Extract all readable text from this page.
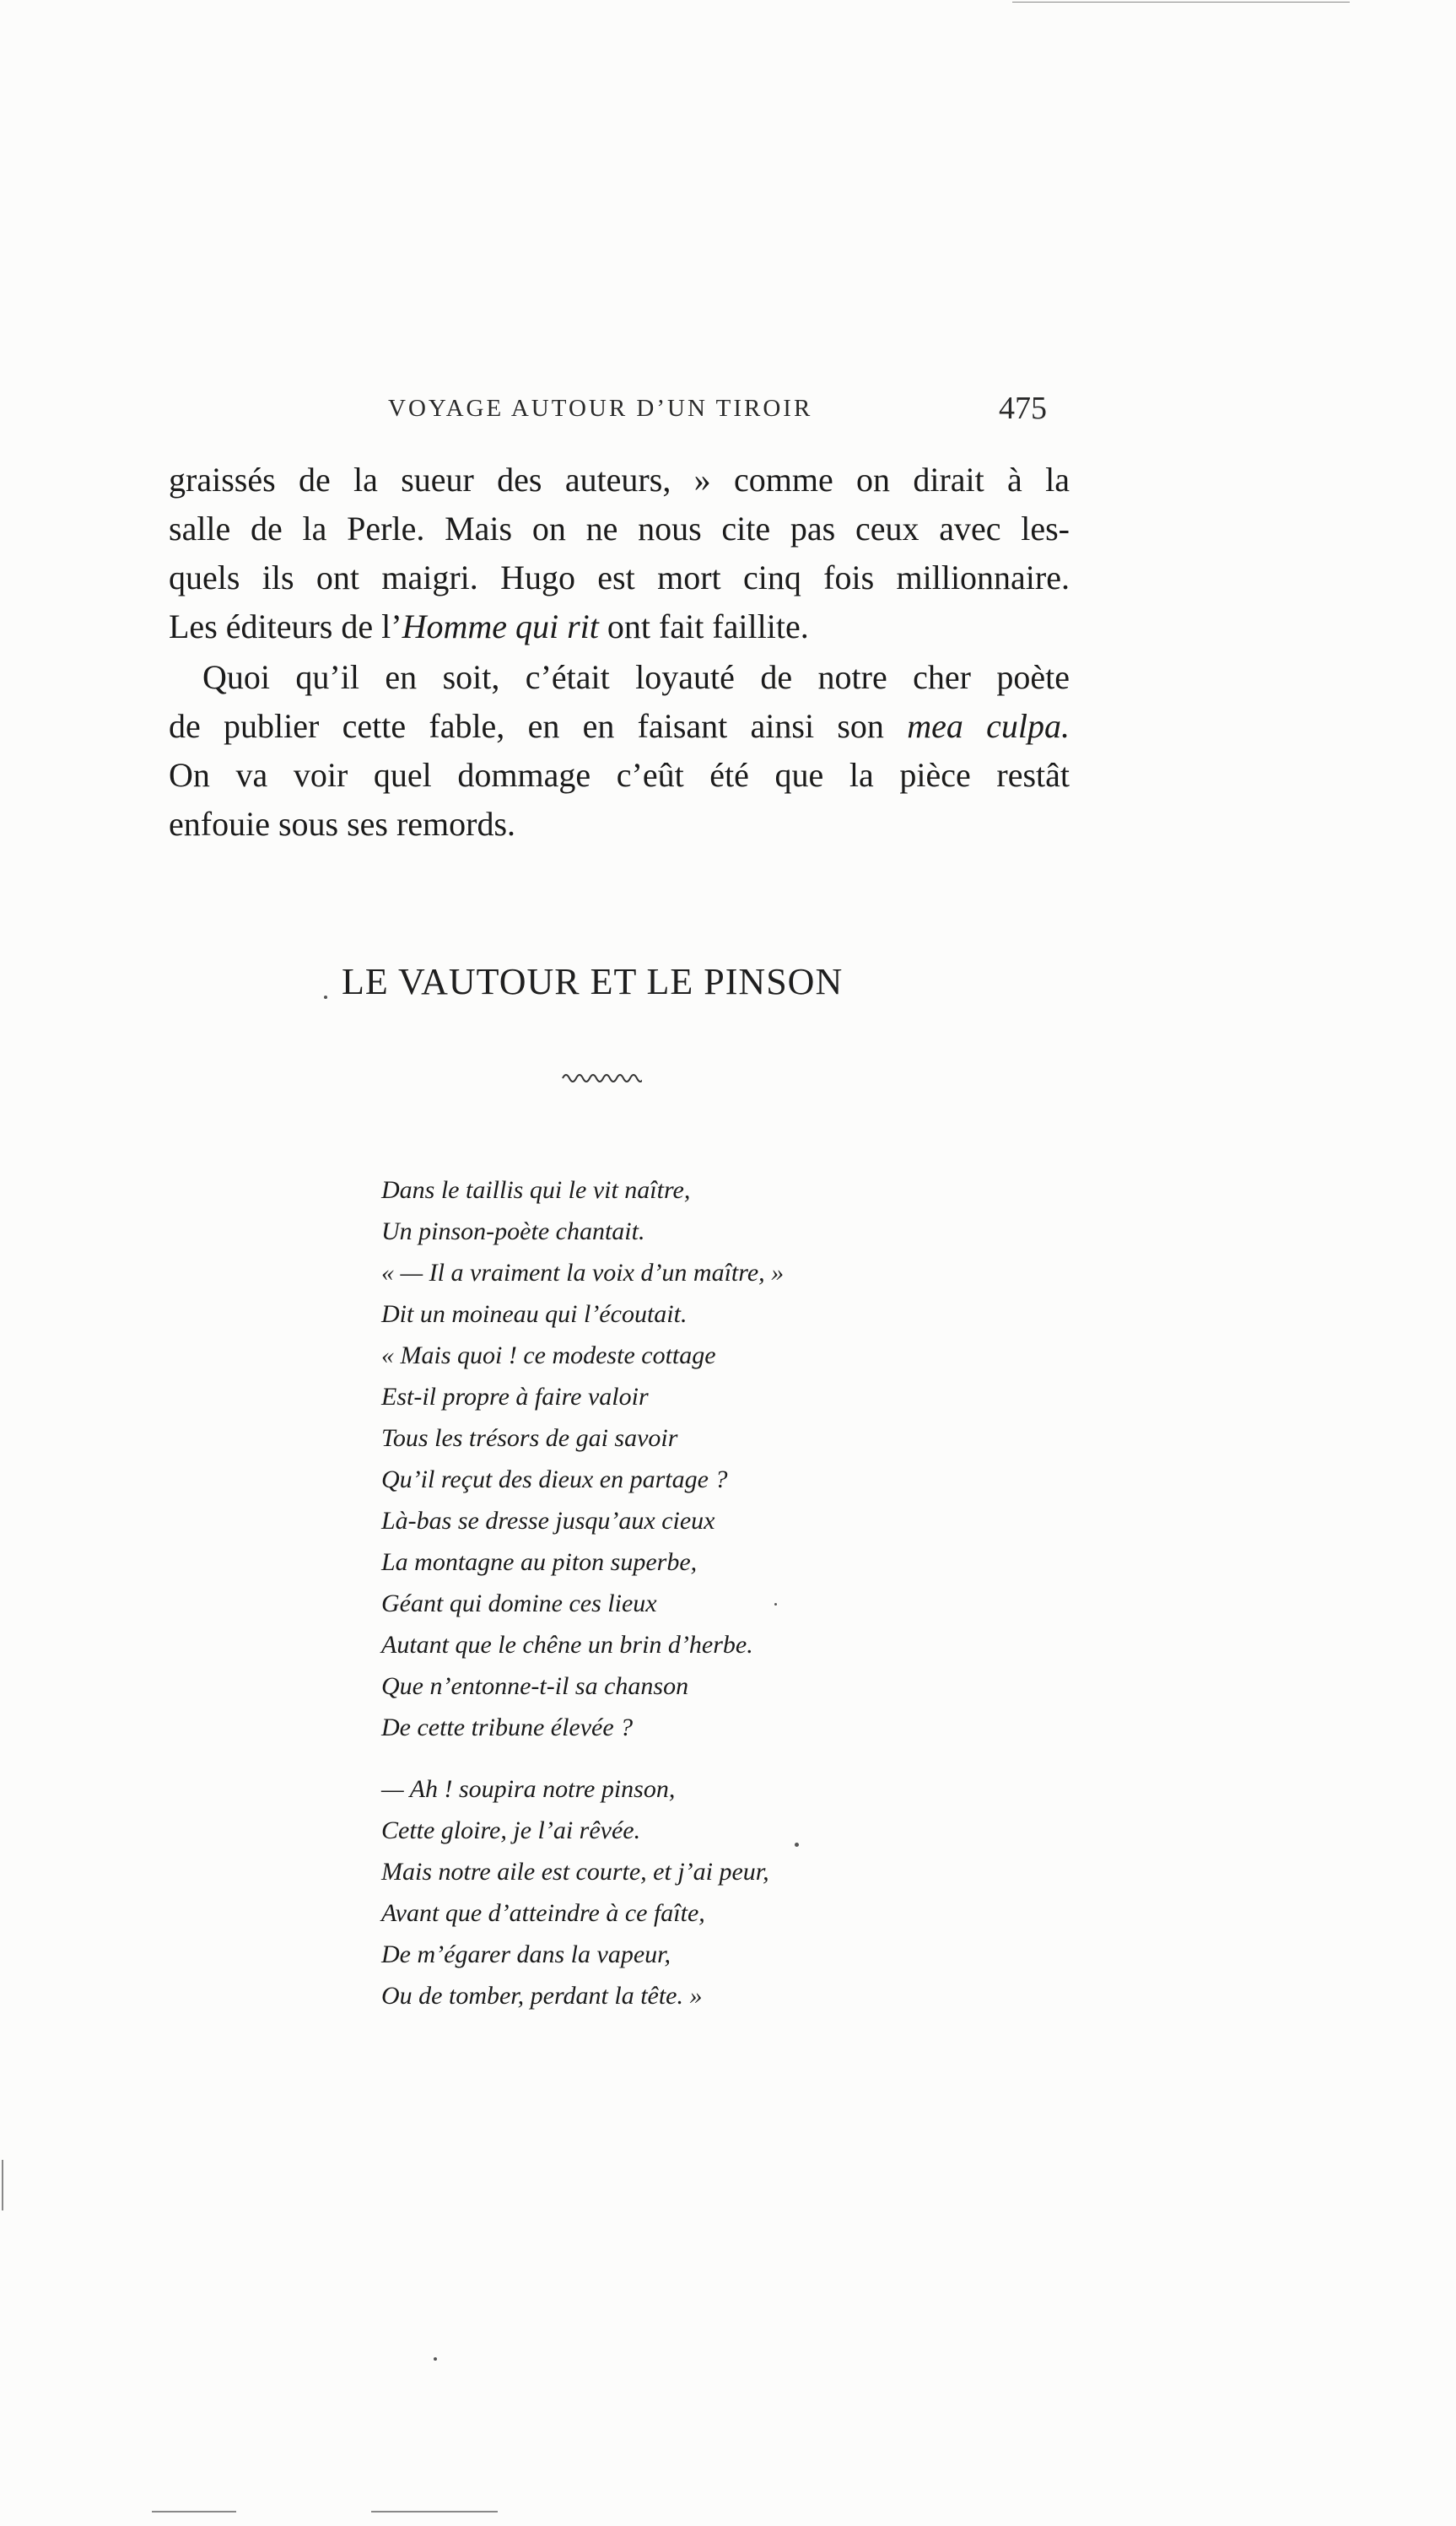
VOYAGE AUTOUR D’UN TIROIR	475
graissés de la sueur des auteurs, » comme on dirait à la
salle de la Perle. Mais on ne nous cite pas ceux avec les-
quels ils ont maigri. Hugo est mort cinq fois millionnaire.
Les éditeurs de l’Homme qui rit ont fait faillite.
Quoi qu’il en soit, c’était loyauté de notre cher poète
de publier cette fable, en en faisant ainsi son mea culpa.
On va voir quel dommage c’eût été que la pièce restât
enfouie sous ses remords.
LE VAUTOUR ET LE PINSON
Dans le taillis qui le vit naître,
Un pinson-poète chantait.
« — Il a vraiment la voix d’un maître, »
Dit un moineau qui l’écoutait.
« Mais quoi ! ce modeste cottage
Est-il propre à faire valoir
Tous les trésors de gai savoir
Qu’il reçut des dieux en partage ?
Là-bas se dresse jusqu’aux cieux
La montagne au piton superbe,
Géant qui domine ces lieux
Autant que le chêne un brin d’herbe.
Que n’entonne-t-il sa chanson
De cette tribune élevée ?
— Ah ! soupira notre pinson,
Cette gloire, je l’ai rêvée.
Mais notre aile est courte, et j’ai peur,
Avant que d’atteindre à ce faîte,
De m’égarer dans la vapeur,
Ou de tomber, perdant la tête. »
